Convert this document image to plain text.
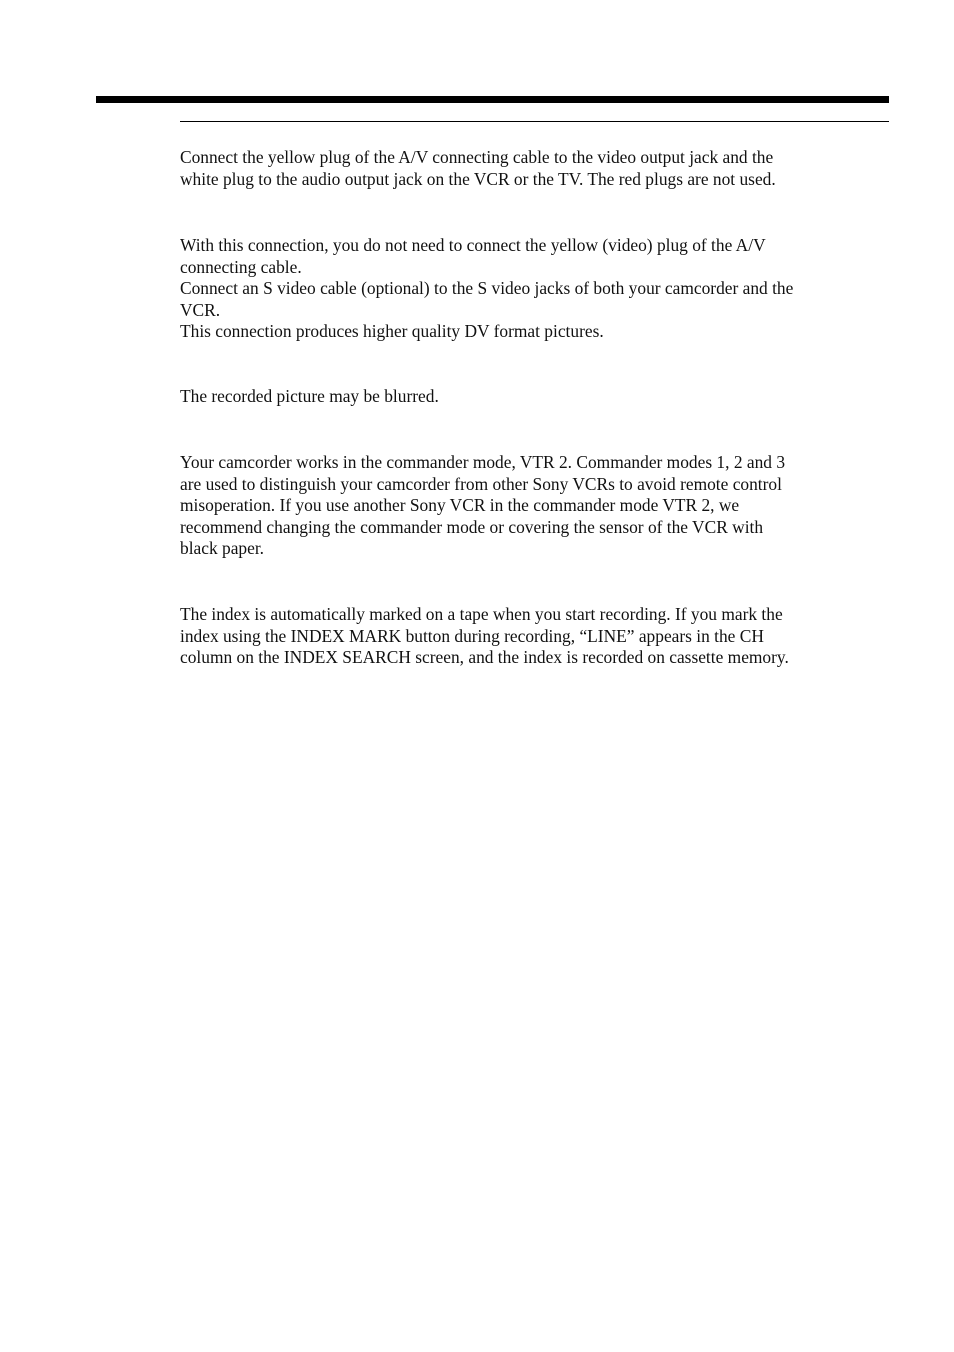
Connect the yellow plug of the A/V connecting cable to the video output jack and the
white plug to the audio output jack on the VCR or the TV. The red plugs are not used.

With this connection, you do not need to connect the yellow (video) plug of the A/V
connecting cable.
Connect an S video cable (optional) to the S video jacks of both your camcorder and the
VCR.
This connection produces higher quality DV format pictures.

The recorded picture may be blurred.

Your camcorder works in the commander mode, VTR 2. Commander modes 1, 2 and 3
are used to distinguish your camcorder from other Sony VCRs to avoid remote control
misoperation. If you use another Sony VCR in the commander mode VTR 2, we
recommend changing the commander mode or covering the sensor of the VCR with
black paper.

The index is automatically marked on a tape when you start recording. If you mark the
index using the INDEX MARK button during recording, “LINE” appears in the CH
column on the INDEX SEARCH screen, and the index is recorded on cassette memory.
